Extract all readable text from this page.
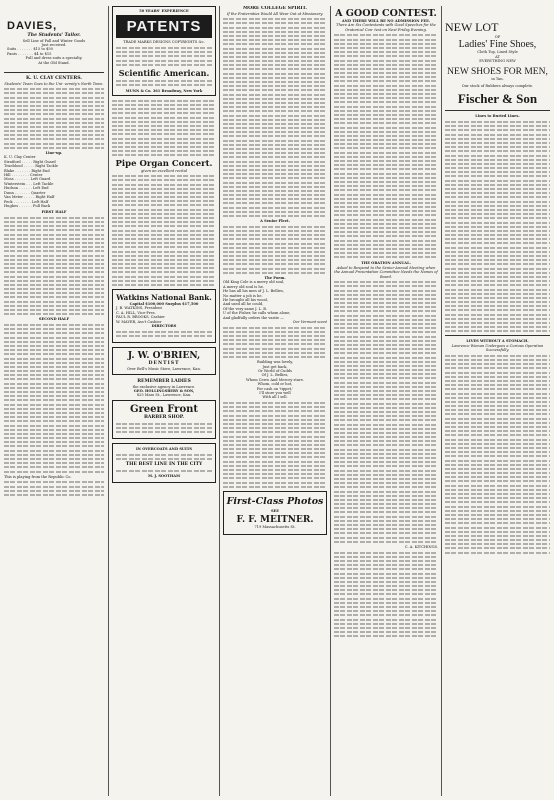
DAVIES,
The Students' Tailor.
Sell Line of Fall and Winter Goods
Just received.
Suits . . . . . . . $15 to $50
Pants . . . . . . . $4 to $15
Full and dress suits a specialty.
At the Old Stand.
K. U. CLAY CENTERS.
Students' Team Goes to the Uni- versity's North Town.
Line-up.
K. U. Clay Center
Stratford . . . . . Right Guard
Trueblood . . . . . Right Tackle
Blake . . . . . . . Right End
Hill . . . . . . . . Center
Moss . . . . . . . Left Guard
Winterstein . . . Left Tackle
Hudson . . . . . . Left End
Dunn . . . . . . . Quarter
Van Meter . . . . . Right Half
Peck . . . . . . . . Left Half
Hughes . . . . . . Full Back
FIRST HALF
SECOND HALF
This is playing from the Republic Co.
50 YEARS' EXPERIENCE
PATENTS
TRADE MARKS DESIGNS COPYRIGHTS &c.
Scientific American.
MUNN & Co. 361 Broadway, New York
Pipe Organ Concert.
given an excellent recital
Watkins National Bank.
Capital $100,000 Surplus $17,500
J. B. WATKINS, President
C. A. HILL, Vice-Pres.
PAUL R. BROOKS, Cashier
W. MAYER, Ass't Cashier
DIRECTORS
J. W. O'BRIEN,
DENTIST
Over Bell's Music Store, Lawrence, Kan.
REMEMBER LADIES
the exclusive agency in Lawrence.
GEO. HOLLINGSBERY & SON,
825 Mass St., Lawrence, Kan.
Green Front
BARBER SHOP.
IN OVERCOATS AND SUITS
THE BEST LINE IN THE CITY
M. J. SOOTHAM
MORE COLLEGE SPIRIT.
If the Fraternities Would All Wear Out at Missionary.
A Senior Fleet.
The Poem.
Old King Cole is a merry old soul,
A merry old soul is he.
He has all his men of J. L. Bellies,
No matter a job is he.
He brought all his wood,
And used all he could,
Of the very same J. L. B.
U of the Fisher, he calls whom alone,
And gladfully orders the vastie —
Oor Vermont scent
Building was lovely,
Just get back,
Or World of Cudds
Of J. L. Bellies,
Whom Cerro And Mercey stare.
Whom, cold or hot,
For cash on 'tippet,'
I'll store you well
With all I sell.
First-Class Photos
SEE
F. F. MEITNER.
719 Massachusetts St.
A GOOD CONTEST.
AND THERE WILL BE NO ADMISSION FEE.
There Are Six Contestants with Good Speeches for the Oratorical Con- test on Next Friday Evening.
THE ORATION ANNUAL.
Asked to Respond to the Senior Annual Meeting when the Annual Presentation Committee Needs the Names of Board.
C. A. KITCHINGS.
NEW LOT
OF
Ladies' Fine Shoes,
Cloth Top, Lined Style
AT
EVERYTHING NEW
NEW SHOES FOR MEN,
in Tan.
Our stock of Rubbers always complete.
Fischer & Son
Lines to Buried Lines.
LIVES WITHOUT A STOMACH.
Lawrence Woman Undergoes a Curious Operation Successfully.
